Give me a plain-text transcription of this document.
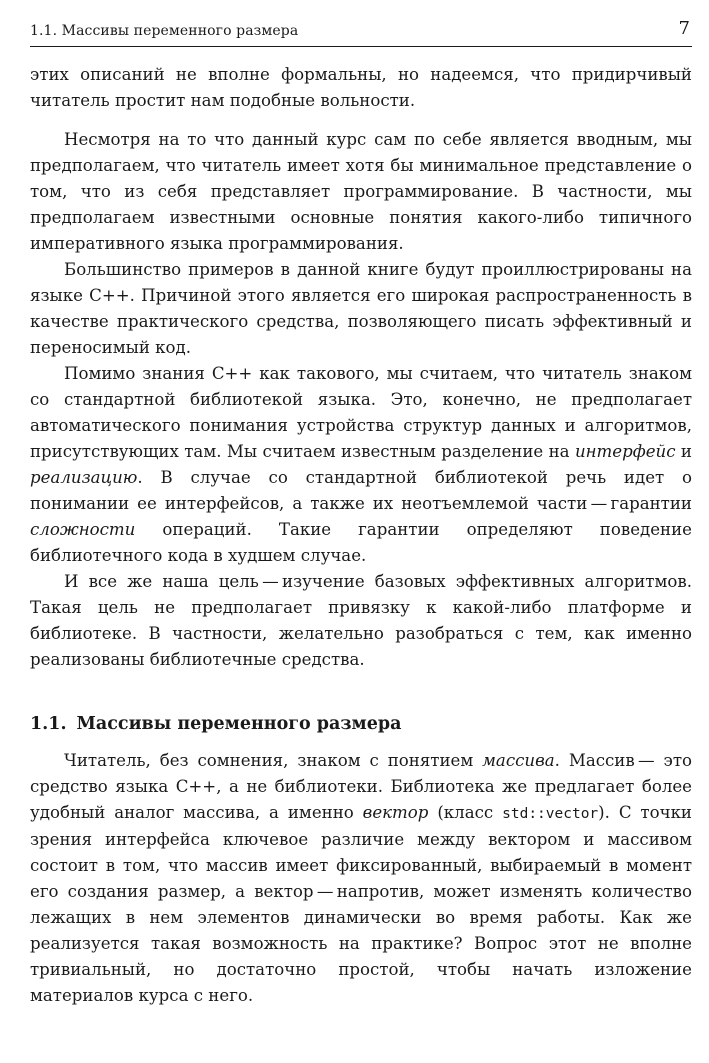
1.1. Массивы переменного размера	7

этих описаний не вполне формальны, но надеемся, что придирчивый читатель простит нам подобные вольности.

Несмотря на то что данный курс сам по себе является вводным, мы предполагаем, что читатель имеет хотя бы минимальное представление о том, что из себя представляет программирование. В частности, мы предполагаем известными основные понятия какого-либо типичного императивного языка программирования.

Большинство примеров в данной книге будут проиллюстрированы на языке С++. Причиной этого является его широкая распространенность в качестве практического средства, позволяющего писать эффективный и переносимый код.

Помимо знания С++ как такового, мы считаем, что читатель знаком со стандартной библиотекой языка. Это, конечно, не предполагает автоматического понимания устройства структур данных и алгоритмов, присутствующих там. Мы считаем известным разделение на интерфейс и реализацию. В случае со стандартной библиотекой речь идет о понимании ее интерфейсов, а также их неотъемлемой части — гарантии сложности операций. Такие гарантии определяют поведение библиотечного кода в худшем случае.

И все же наша цель — изучение базовых эффективных алгоритмов. Такая цель не предполагает привязку к какой-либо платформе и библиотеке. В частности, желательно разобраться с тем, как именно реализованы библиотечные средства.

1.1. Массивы переменного размера

Читатель, без сомнения, знаком с понятием массива. Массив — это средство языка С++, а не библиотеки. Библиотека же предлагает более удобный аналог массива, а именно вектор (класс std::vector). С точки зрения интерфейса ключевое различие между вектором и массивом состоит в том, что массив имеет фиксированный, выбираемый в момент его создания размер, а вектор — напротив, может изменять количество лежащих в нем элементов динамически во время работы. Как же реализуется такая возможность на практике? Вопрос этот не вполне тривиальный, но достаточно простой, чтобы начать изложение материалов курса с него.
